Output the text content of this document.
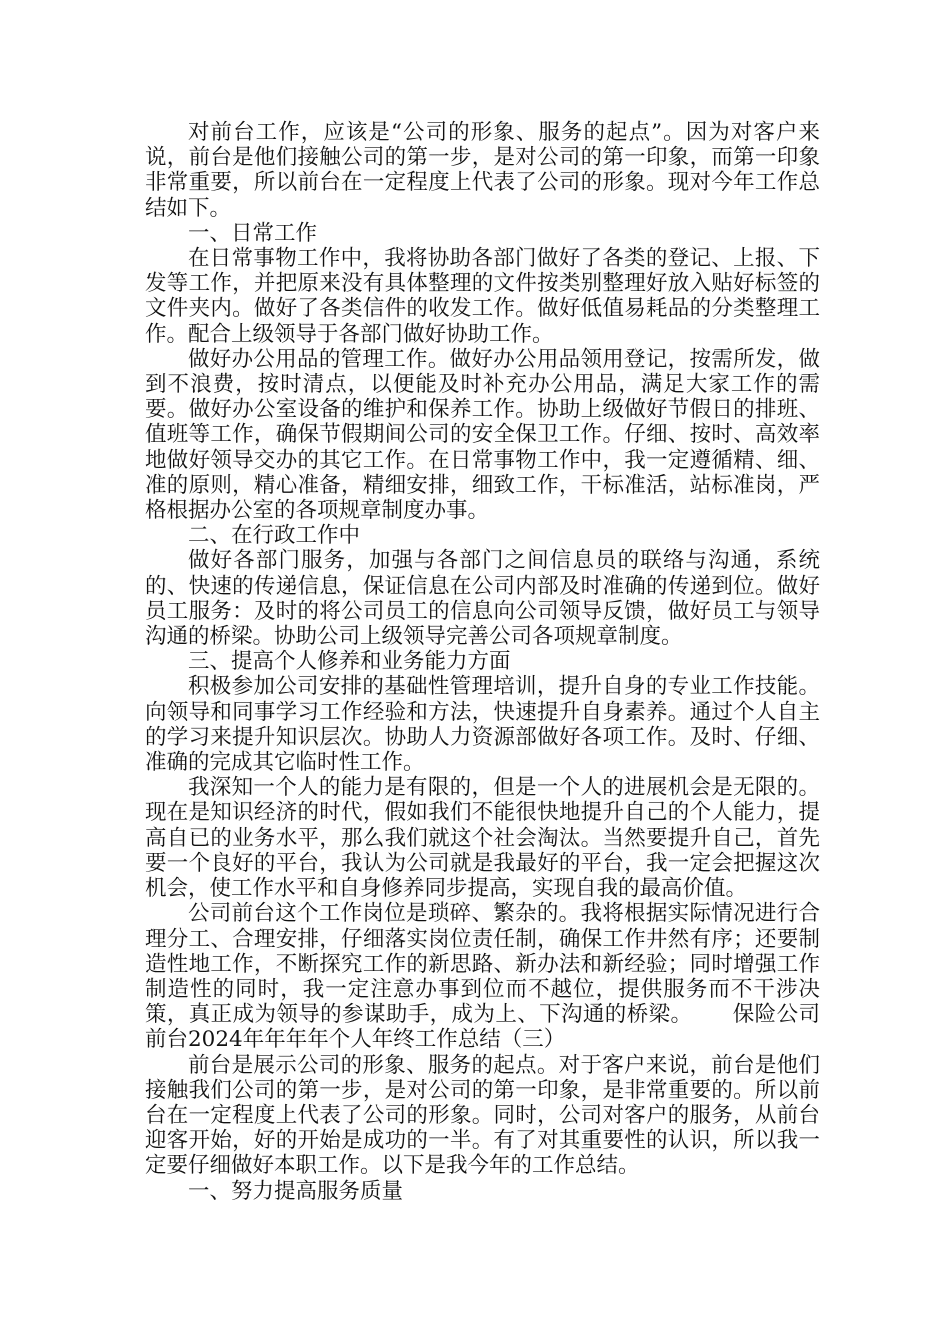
对前台工作，应该是“公司的形象、服务的起点”。因为对客户来说，前台是他们接触公司的第一步，是对公司的第一印象，而第一印象非常重要，所以前台在一定程度上代表了公司的形象。现对今年工作总结如下。

一、日常工作

在日常事物工作中，我将协助各部门做好了各类的登记、上报、下发等工作，并把原来没有具体整理的文件按类别整理好放入贴好标签的文件夹内。做好了各类信件的收发工作。做好低值易耗品的分类整理工作。配合上级领导于各部门做好协助工作。

做好办公用品的管理工作。做好办公用品领用登记，按需所发，做到不浪费，按时清点，以便能及时补充办公用品，满足大家工作的需要。做好办公室设备的维护和保养工作。协助上级做好节假日的排班、值班等工作，确保节假期间公司的安全保卫工作。仔细、按时、高效率地做好领导交办的其它工作。在日常事物工作中，我一定遵循精、细、准的原则，精心准备，精细安排，细致工作，干标准活，站标准岗，严格根据办公室的各项规章制度办事。

二、在行政工作中

做好各部门服务，加强与各部门之间信息员的联络与沟通，系统的、快速的传递信息，保证信息在公司内部及时准确的传递到位。做好员工服务：及时的将公司员工的信息向公司领导反馈，做好员工与领导沟通的桥梁。协助公司上级领导完善公司各项规章制度。

三、提高个人修养和业务能力方面

积极参加公司安排的基础性管理培训，提升自身的专业工作技能。向领导和同事学习工作经验和方法，快速提升自身素养。通过个人自主的学习来提升知识层次。协助人力资源部做好各项工作。及时、仔细、准确的完成其它临时性工作。

我深知一个人的能力是有限的，但是一个人的进展机会是无限的。现在是知识经济的时代，假如我们不能很快地提升自己的个人能力，提高自已的业务水平，那么我们就这个社会淘汰。当然要提升自己，首先要一个良好的平台，我认为公司就是我最好的平台，我一定会把握这次机会，使工作水平和自身修养同步提高，实现自我的最高价值。

公司前台这个工作岗位是琐碎、繁杂的。我将根据实际情况进行合理分工、合理安排，仔细落实岗位责任制，确保工作井然有序；还要制造性地工作，不断探究工作的新思路、新办法和新经验；同时增强工作制造性的同时，我一定注意办事到位而不越位，提供服务而不干涉决策，真正成为领导的参谋助手，成为上、下沟通的桥梁。 保险公司前台2024年年年年个人年终工作总结（三）

前台是展示公司的形象、服务的起点。对于客户来说，前台是他们接触我们公司的第一步，是对公司的第一印象，是非常重要的。所以前台在一定程度上代表了公司的形象。同时，公司对客户的服务，从前台迎客开始，好的开始是成功的一半。有了对其重要性的认识，所以我一定要仔细做好本职工作。以下是我今年的工作总结。

一、努力提高服务质量
